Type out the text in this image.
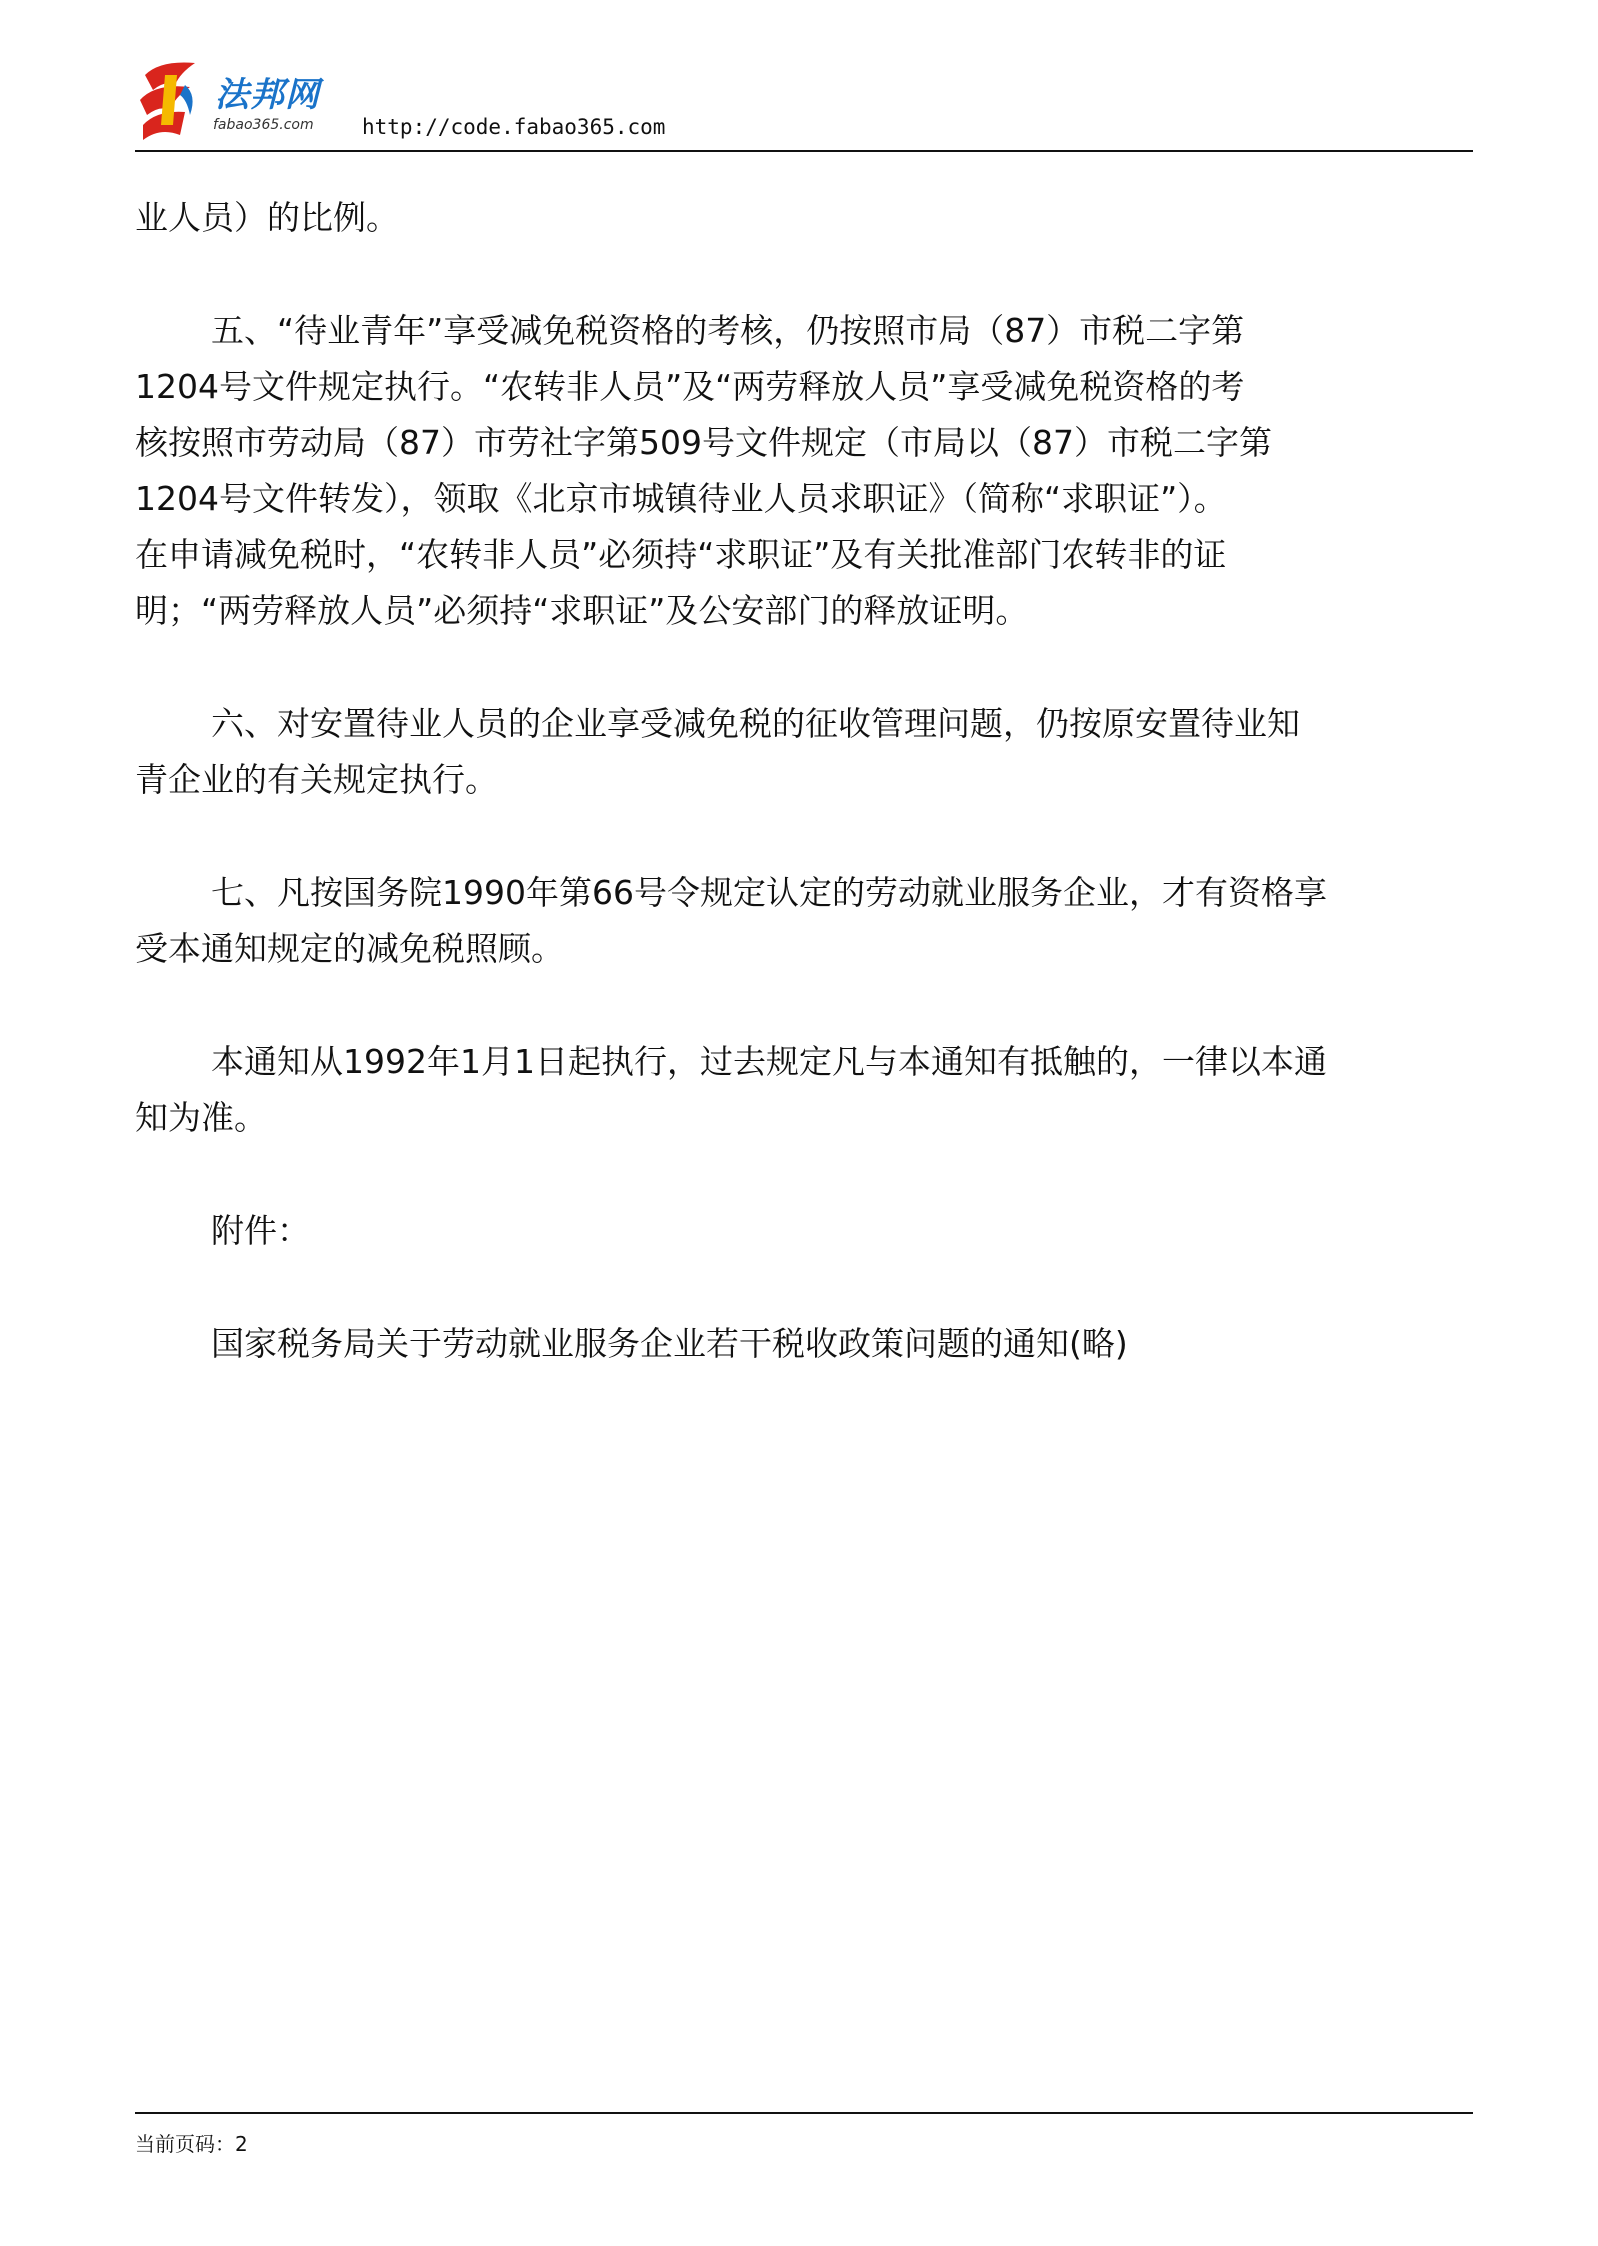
法邦网
fabao365.com http://code.fabao365.com
业人员）的比例。
五、“待业青年”享受减免税资格的考核，仍按照市局（87）市税二字第
1204号文件规定执行。“农转非人员”及“两劳释放人员”享受减免税资格的考
核按照市劳动局（87）市劳社字第509号文件规定（市局以（87）市税二字第
1204号文件转发），领取《北京市城镇待业人员求职证》（简称“求职证”）。
在申请减免税时，“农转非人员”必须持“求职证”及有关批准部门农转非的证
明；“两劳释放人员”必须持“求职证”及公安部门的释放证明。
六、对安置待业人员的企业享受减免税的征收管理问题，仍按原安置待业知
青企业的有关规定执行。
七、凡按国务院1990年第66号令规定认定的劳动就业服务企业，才有资格享
受本通知规定的减免税照顾。
本通知从1992年1月1日起执行，过去规定凡与本通知有抵触的，一律以本通
知为准。
附件：
国家税务局关于劳动就业服务企业若干税收政策问题的通知(略)
当前页码：2
